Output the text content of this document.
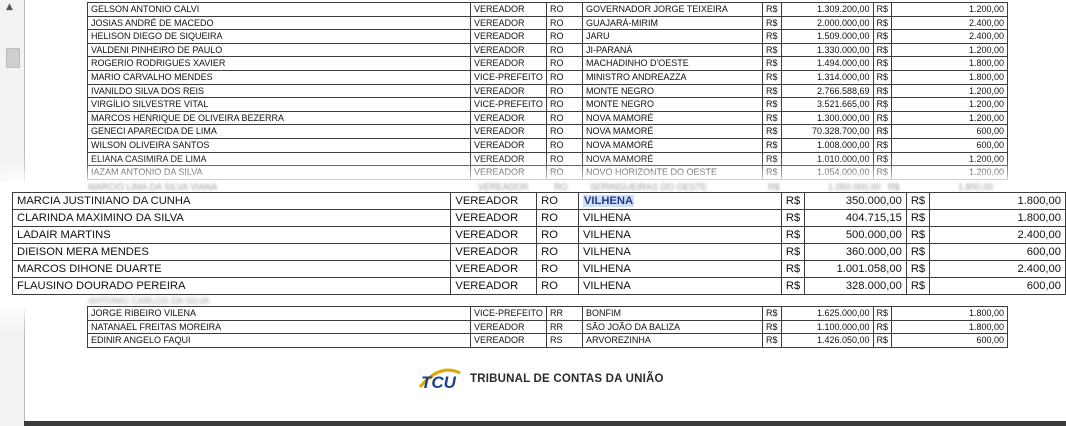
▲	GELSON ANTONIO CALVI	VEREADOR	RO	GOVERNADOR JORGE TEIXEIRA	R$	1.309.200,00	R$	1.200,00
JOSIAS ANDRÉ DE MACEDO	VEREADOR	RO	GUAJARÁ-MIRIM	R$	2.000.000,00	R$	2.400,00
HELISON DIEGO DE SIQUEIRA	VEREADOR	RO	JARU	R$	1.509.000,00	R$	2.400,00
VALDENI PINHEIRO DE PAULO	VEREADOR	RO	JI-PARANÁ	R$	1.330.000,00	R$	1.200,00
ROGERIO RODRIGUES XAVIER	VEREADOR	RO	MACHADINHO D'OESTE	R$	1.494.000,00	R$	1.800,00
MARIO CARVALHO MENDES	VICE-PREFEITO	RO	MINISTRO ANDREAZZA	R$	1.314.000,00	R$	1.800,00
IVANILDO SILVA DOS REIS	VEREADOR	RO	MONTE NEGRO	R$	2.766.588,69	R$	1.200,00
VIRGÍLIO SILVESTRE VITAL	VICE-PREFEITO	RO	MONTE NEGRO	R$	3.521.665,00	R$	1.200,00
MARCOS HENRIQUE DE OLIVEIRA BEZERRA	VEREADOR	RO	NOVA MAMORÉ	R$	1.300.000,00	R$	1.200,00
GENECI APARECIDA DE LIMA	VEREADOR	RO	NOVA MAMORÉ	R$	70.328.700,00	R$	600,00
WILSON OLIVEIRA SANTOS	VEREADOR	RO	NOVA MAMORÉ	R$	1.008.000,00	R$	600,00
ELIANA CASIMIRA DE LIMA	VEREADOR	RO	NOVA MAMORÉ	R$	1.010.000,00	R$	1.200,00
IAZAM ANTONIO DA SILVA	VEREADOR	RO	NOVO HORIZONTE DO OESTE	R$	1.054.000,00	R$	1.200,00
MARCIO LIMA DA SILVA VIANA	VEREADOR	RO	SERINGUEIRAS DO OESTE	R$	1.050.000,00 R$	1.800,00
MARCIA JUSTINIANO DA CUNHA	VEREADOR	RO	VILHENA	R$	350.000,00	R$	1.800,00
CLARINDA MAXIMINO DA SILVA	VEREADOR	RO	VILHENA	R$	404.715,15	R$	1.800,00
LADAIR MARTINS	VEREADOR	RO	VILHENA	R$	500.000,00	R$	2.400,00
DIEISON MERA MENDES	VEREADOR	RO	VILHENA	R$	360.000,00	R$	600,00
MARCOS DIHONE DUARTE	VEREADOR	RO	VILHENA	R$	1.001.058,00	R$	2.400,00
FLAUSINO DOURADO PEREIRA	VEREADOR	RO	VILHENA	R$	328.000,00	R$	600,00
ANTONIO CARLOS DA SILVA
JORGE RIBEIRO VILENA	VICE-PREFEITO	RR	BONFIM	R$	1.625.000,00	R$	1.800,00
NATANAEL FREITAS MOREIRA	VEREADOR	RR	SÃO JOÃO DA BALIZA	R$	1.100.000,00	R$	1.800,00
EDINIR ANGELO FAQUI	VEREADOR	RS	ARVOREZINHA	R$	1.426.050,00	R$	600,00
TCU TRIBUNAL DE CONTAS DA UNIÃO
